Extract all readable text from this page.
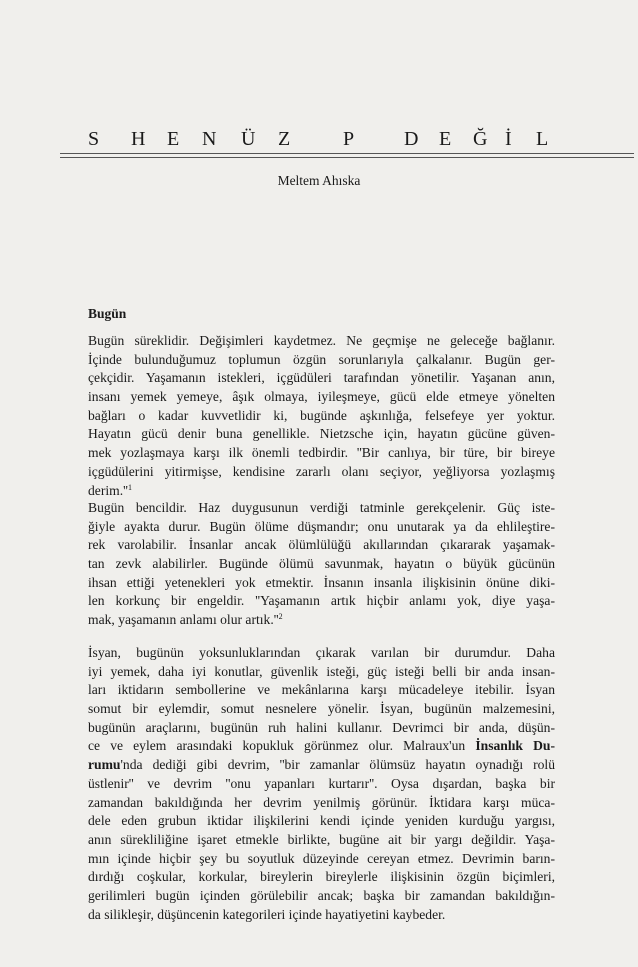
S H E N Ü Z	P D E Ğ İ L
Meltem Ahıska
Bugün
Bugün süreklidir. Değişimleri kaydetmez. Ne geçmişe ne geleceğe bağlanır.
İçinde bulunduğumuz toplumun özgün sorunlarıyla çalkalanır. Bugün ger-
çekçidir. Yaşamanın istekleri, içgüdüleri tarafından yönetilir. Yaşanan anın,
insanı yemek yemeye, âşık olmaya, iyileşmeye, gücü elde etmeye yönelten
bağları o kadar kuvvetlidir ki, bugünde aşkınlığa, felsefeye yer yoktur.
Hayatın gücü denir buna genellikle. Nietzsche için, hayatın gücüne güven-
mek yozlaşmaya karşı ilk önemli tedbirdir. ''Bir canlıya, bir türe, bir bireye
içgüdülerini yitirmişse, kendisine zararlı olanı seçiyor, yeğliyorsa yozlaşmış
$derim.''^1$
Bugün bencildir. Haz duygusunun verdiği tatminle gerekçelenir. Güç iste-
ğiyle ayakta durur. Bugün ölüme düşmandır; onu unutarak ya da ehlileştire-
rek varolabilir. İnsanlar ancak ölümlülüğü akıllarından çıkararak yaşamak-
tan zevk alabilirler. Bugünde ölümü savunmak, hayatın o büyük gücünün
ihsan ettiği yetenekleri yok etmektir. İnsanın insanla ilişkisinin önüne diki-
len korkunç bir engeldir. ''Yaşamanın artık hiçbir anlamı yok, diye yaşa-
mak, yaşamanın anlamı olur $artık.''^2$
İsyan, bugünün yoksunluklarından çıkarak varılan bir durumdur. Daha
iyi yemek, daha iyi konutlar, güvenlik isteği, güç isteği belli bir anda insan-
ları iktidarın sembollerine ve mekânlarına karşı mücadeleye itebilir. İsyan
somut bir eylemdir, somut nesnelere yönelir. İsyan, bugünün malzemesini,
bugünün araçlarını, bugünün ruh halini kullanır. Devrimci bir anda, düşün-
ce ve eylem arasındaki kopukluk görünmez olur. Malraux'un İnsanlık Du-
rumu'nda dediği gibi devrim, ''bir zamanlar ölümsüz hayatın oynadığı rolü
üstlenir'' ve devrim ''onu yapanları kurtarır''. Oysa dışardan, başka bir
zamandan bakıldığında her devrim yenilmiş görünür. İktidara karşı müca-
dele eden grubun iktidar ilişkilerini kendi içinde yeniden kurduğu yargısı,
anın sürekliliğine işaret etmekle birlikte, bugüne ait bir yargı değildir. Yaşa-
mın içinde hiçbir şey bu soyutluk düzeyinde cereyan etmez. Devrimin barın-
dırdığı coşkular, korkular, bireylerin bireylerle ilişkisinin özgün biçimleri,
gerilimleri bugün içinden görülebilir ancak; başka bir zamandan bakıldığın-
da silikleşir, düşüncenin kategorileri içinde hayatiyetini kaybeder.
